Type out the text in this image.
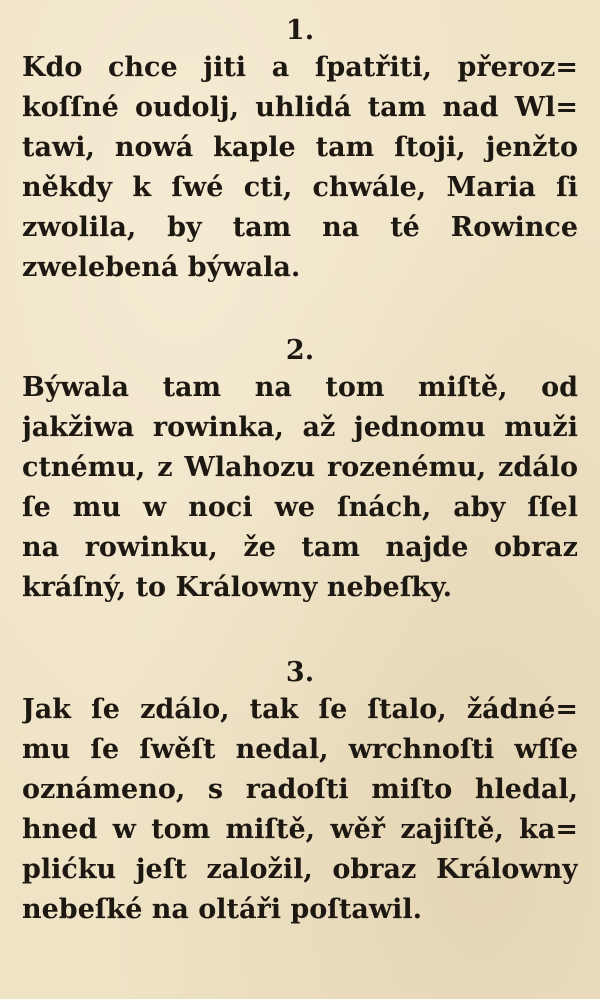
1.
Kdo chce jiti a ſpatřiti, přeroz=
koſſné oudolj, uhlidá tam nad Wl=
tawi, nowá kaple tam ſtoji, jenžto
někdy k ſwé cti, chwále, Maria ſi
zwolila, by tam na té Rowince
zwelebená býwala.
2.
Býwala tam na tom miſtě, od
jakžiwa rowinka, až jednomu muži
ctnému, z Wlahozu rozenému, zdálo
ſe mu w noci we ſnách, aby ſſel
na rowinku, že tam najde obraz
kráſný, to Králowny nebeſky.
3.
Jak ſe zdálo, tak ſe ſtalo, žádné=
mu ſe ſwěſt nedal, wrchnoſti wſſe
oznámeno, s radoſti miſto hledal,
hned w tom miſtě, wěř zajiſtě, ka=
plićku jeſt založil, obraz Králowny
nebeſké na oltáři poſtawil.
